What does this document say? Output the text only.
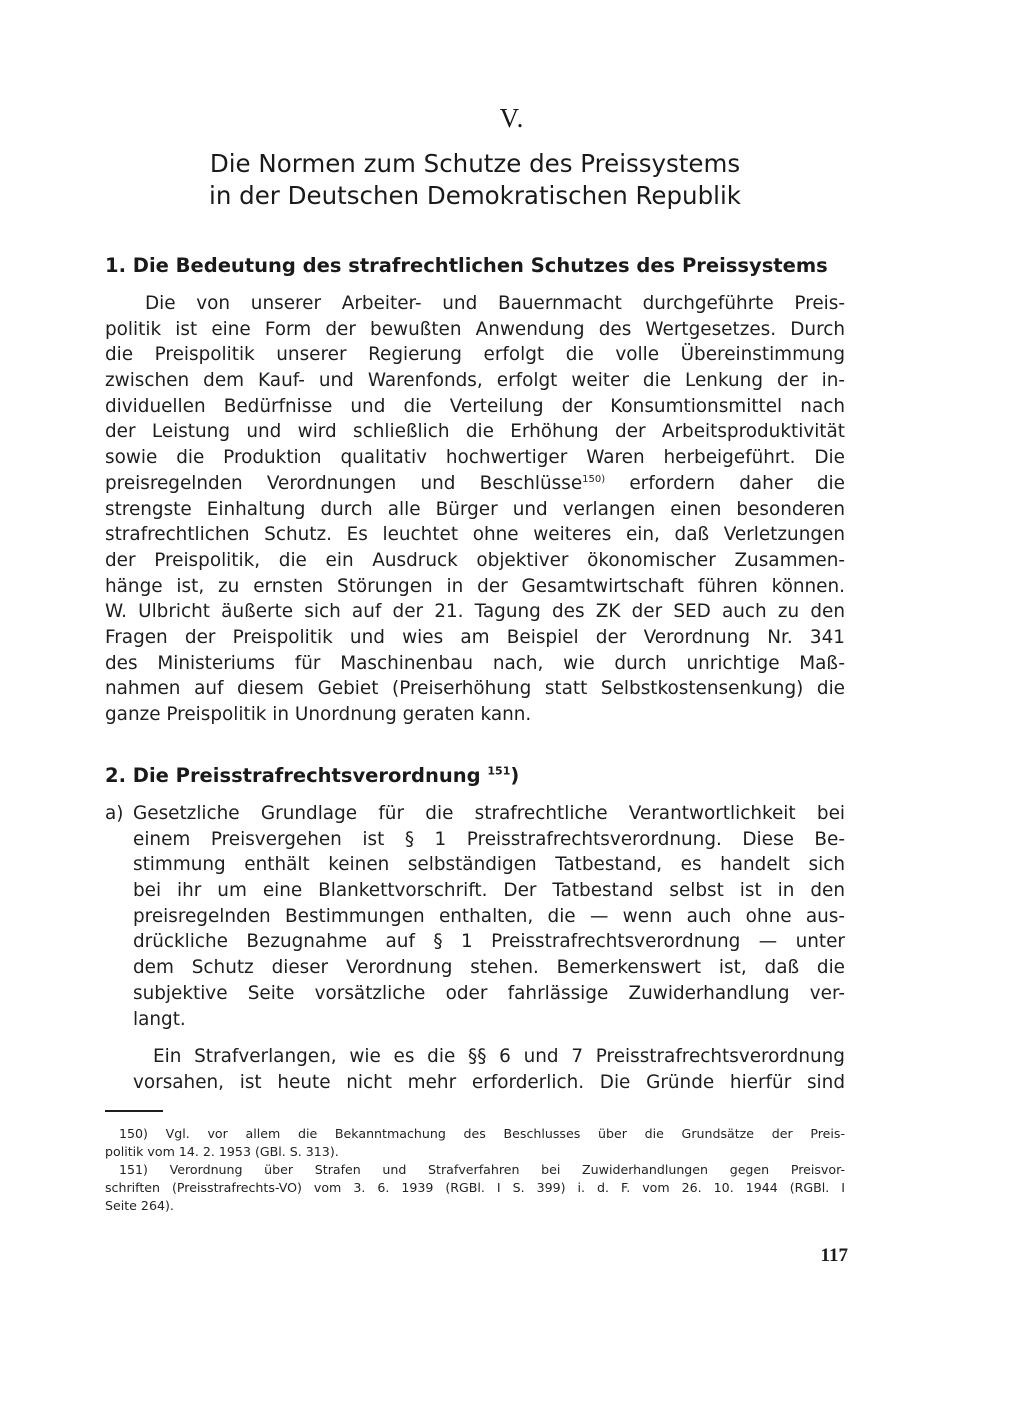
V.
Die Normen zum Schutze des Preissystems
in der Deutschen Demokratischen Republik
1. Die Bedeutung des strafrechtlichen Schutzes des Preissystems
Die von unserer Arbeiter- und Bauernmacht durchgeführte Preis-
politik ist eine Form der bewußten Anwendung des Wertgesetzes. Durch
die Preispolitik unserer Regierung erfolgt die volle Übereinstimmung
zwischen dem Kauf- und Warenfonds, erfolgt weiter die Lenkung der in-
dividuellen Bedürfnisse und die Verteilung der Konsumtionsmittel nach
der Leistung und wird schließlich die Erhöhung der Arbeitsproduktivität
sowie die Produktion qualitativ hochwertiger Waren herbeigeführt. Die
preisregelnden Verordnungen und Beschlüsse$^{150)}$ erfordern daher die
strengste Einhaltung durch alle Bürger und verlangen einen besonderen
strafrechtlichen Schutz. Es leuchtet ohne weiteres ein, daß Verletzungen
der Preispolitik, die ein Ausdruck objektiver ökonomischer Zusammen-
hänge ist, zu ernsten Störungen in der Gesamtwirtschaft führen können.
W. Ulbricht äußerte sich auf der 21. Tagung des ZK der SED auch zu den
Fragen der Preispolitik und wies am Beispiel der Verordnung Nr. 341
des Ministeriums für Maschinenbau nach, wie durch unrichtige Maß-
nahmen auf diesem Gebiet (Preiserhöhung statt Selbstkostensenkung) die
ganze Preispolitik in Unordnung geraten kann.
2. Die Preisstrafrechtsverordnung $^{151}$)
a) Gesetzliche Grundlage für die strafrechtliche Verantwortlichkeit bei
einem Preisvergehen ist § 1 Preisstrafrechtsverordnung. Diese Be-
stimmung enthält keinen selbständigen Tatbestand, es handelt sich
bei ihr um eine Blankettvorschrift. Der Tatbestand selbst ist in den
preisregelnden Bestimmungen enthalten, die — wenn auch ohne aus-
drückliche Bezugnahme auf § 1 Preisstrafrechtsverordnung — unter
dem Schutz dieser Verordnung stehen. Bemerkenswert ist, daß die
subjektive Seite vorsätzliche oder fahrlässige Zuwiderhandlung ver-
langt.
Ein Strafverlangen, wie es die §§ 6 und 7 Preisstrafrechtsverordnung
vorsahen, ist heute nicht mehr erforderlich. Die Gründe hierfür sind
150) Vgl. vor allem die Bekanntmachung des Beschlusses über die Grundsätze der Preis-
politik vom 14. 2. 1953 (GBl. S. 313).
151) Verordnung über Strafen und Strafverfahren bei Zuwiderhandlungen gegen Preisvor-
schriften (Preisstrafrechts-VO) vom 3. 6. 1939 (RGBl. I S. 399) i. d. F. vom 26. 10. 1944 (RGBl. I
Seite 264).
117
